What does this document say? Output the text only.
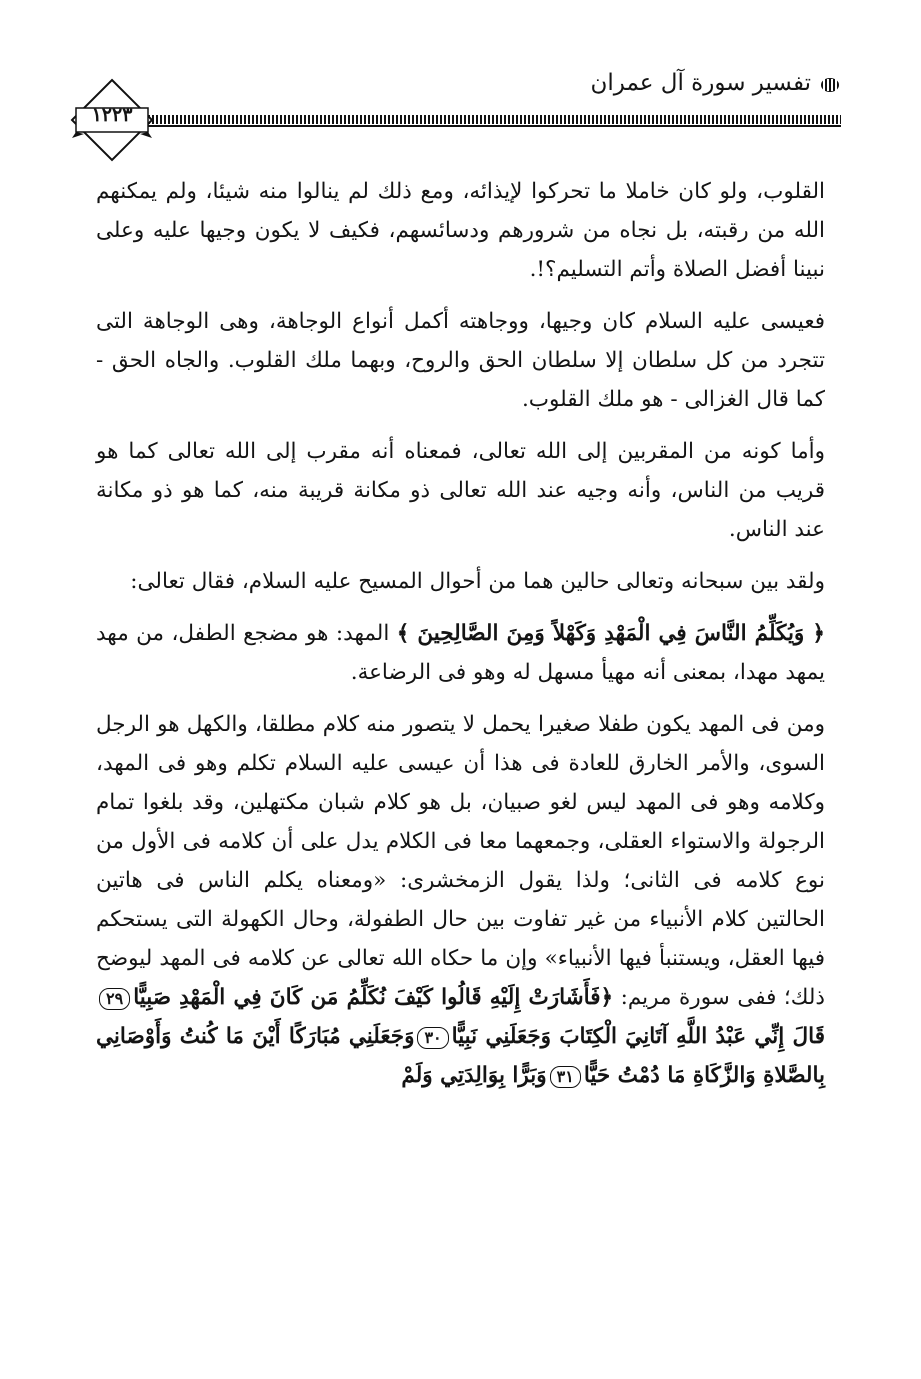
تفسير سورة آل عمران
١٢٢٣

القلوب، ولو كان خاملا ما تحركوا لإيذائه، ومع ذلك لم ينالوا منه شيئا، ولم يمكنهم الله من رقبته، بل نجاه من شرورهم ودسائسهم، فكيف لا يكون وجيها عليه وعلى نبينا أفضل الصلاة وأتم التسليم؟!.

فعيسى عليه السلام كان وجيها، ووجاهته أكمل أنواع الوجاهة، وهى الوجاهة التى تتجرد من كل سلطان إلا سلطان الحق والروح، وبهما ملك القلوب. والجاه الحق - كما قال الغزالى - هو ملك القلوب.

وأما كونه من المقربين إلى الله تعالى، فمعناه أنه مقرب إلى الله تعالى كما هو قريب من الناس، وأنه وجيه عند الله تعالى ذو مكانة قريبة منه، كما هو ذو مكانة عند الناس.

ولقد بين سبحانه وتعالى حالين هما من أحوال المسيح عليه السلام، فقال تعالى:

﴿ وَيُكَلِّمُ النَّاسَ فِي الْمَهْدِ وَكَهْلاً وَمِنَ الصَّالِحِينَ ﴾ المهد: هو مضجع الطفل، من مهد يمهد مهدا، بمعنى أنه مهيأ مسهل له وهو فى الرضاعة.

ومن فى المهد يكون طفلا صغيرا يحمل لا يتصور منه كلام مطلقا، والكهل هو الرجل السوى، والأمر الخارق للعادة فى هذا أن عيسى عليه السلام تكلم وهو فى المهد، وكلامه وهو فى المهد ليس لغو صبيان، بل هو كلام شبان مكتهلين، وقد بلغوا تمام الرجولة والاستواء العقلى، وجمعهما معا فى الكلام يدل على أن كلامه فى الأول من نوع كلامه فى الثانى؛ ولذا يقول الزمخشرى: «ومعناه يكلم الناس فى هاتين الحالتين كلام الأنبياء من غير تفاوت بين حال الطفولة، وحال الكهولة التى يستحكم فيها العقل، ويستنبأ فيها الأنبياء» وإن ما حكاه الله تعالى عن كلامه فى المهد ليوضح ذلك؛ ففى سورة مريم: ﴿فَأَشَارَتْ إِلَيْهِ قَالُوا كَيْفَ نُكَلِّمُ مَن كَانَ فِي الْمَهْدِ صَبِيًّا٢٩قَالَ إِنِّي عَبْدُ اللَّهِ آتَانِيَ الْكِتَابَ وَجَعَلَنِي نَبِيًّا٣٠وَجَعَلَنِي مُبَارَكًا أَيْنَ مَا كُنتُ وَأَوْصَانِي بِالصَّلاةِ وَالزَّكَاةِ مَا دُمْتُ حَيًّا٣١وَبَرًّا بِوَالِدَتِي وَلَمْ
